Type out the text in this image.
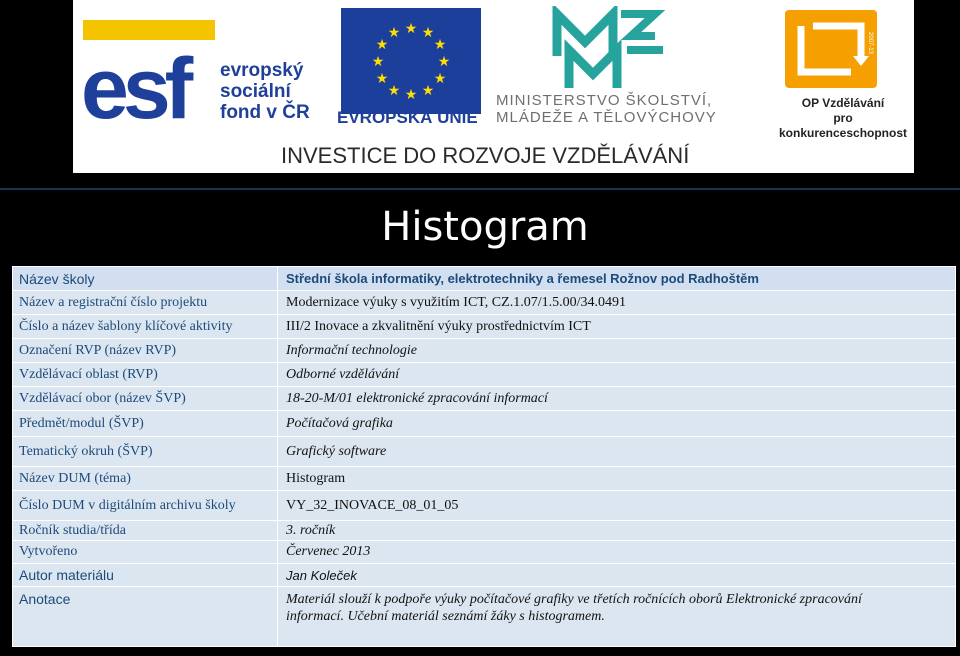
esf	evropský
sociální
fond v ČR
★ ★
★
★
★
★
★
★
★
★
★
★
EVROPSKÁ UNIE
MINISTERSTVO ŠKOLSTVÍ,
MLÁDEŽE A TĚLOVÝCHOVY
2007-13
OP Vzdělávání
pro konkurenceschopnost
INVESTICE DO ROZVOJE VZDĚLÁVÁNÍ
Histogram
Název školy	Střední škola informatiky, elektrotechniky a řemesel Rožnov pod Radhoštěm
Název a registrační číslo projektu	Modernizace výuky s využitím ICT, CZ.1.07/1.5.00/34.0491
Číslo a název šablony klíčové aktivity	III/2 Inovace a zkvalitnění výuky prostřednictvím ICT
Označení RVP (název RVP)	Informační technologie
Vzdělávací oblast (RVP)	Odborné vzdělávání
Vzdělávací obor (název ŠVP)	18-20-M/01 elektronické zpracování informací
Předmět/modul (ŠVP)	Počítačová grafika
Tematický okruh (ŠVP)	Grafický software
Název DUM (téma)	Histogram
Číslo DUM v digitálním archivu školy	VY_32_INOVACE_08_01_05
Ročník studia/třída	3. ročník
Vytvořeno	Červenec 2013
Autor materiálu	Jan Koleček
Anotace	Materiál slouží k podpoře výuky počítačové grafiky ve třetích ročnících oborů Elektronické zpracování informací. Učební materiál seznámí žáky s histogramem.
